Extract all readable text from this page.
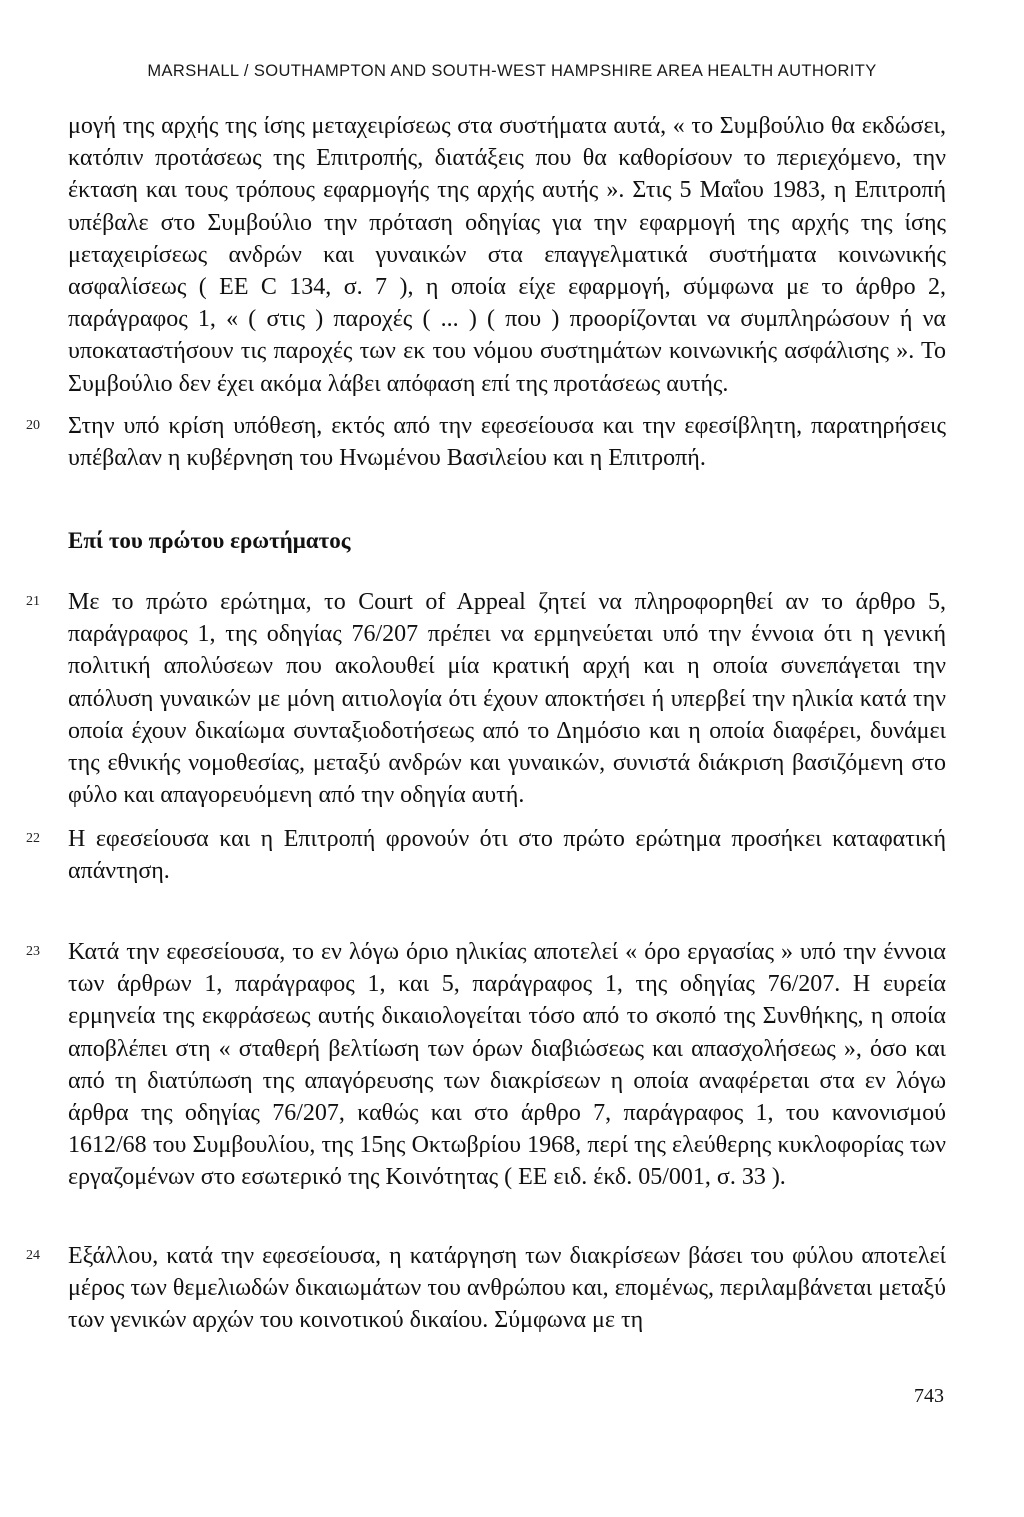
MARSHALL / SOUTHAMPTON AND SOUTH-WEST HAMPSHIRE AREA HEALTH AUTHORITY
μογή της αρχής της ίσης μεταχειρίσεως στα συστήματα αυτά, « το Συμβούλιο θα εκδώσει, κατόπιν προτάσεως της Επιτροπής, διατάξεις που θα καθορίσουν το περιεχόμενο, την έκταση και τους τρόπους εφαρμογής της αρχής αυτής ». Στις 5 Μαΐου 1983, η Επιτροπή υπέβαλε στο Συμβούλιο την πρόταση οδηγίας για την εφαρμογή της αρχής της ίσης μεταχειρίσεως ανδρών και γυναικών στα επαγγελματικά συστήματα κοινωνικής ασφαλίσεως ( ΕΕ C 134, σ. 7 ), η οποία είχε εφαρμογή, σύμφωνα με το άρθρο 2, παράγραφος 1, « ( στις ) παροχές ( ... ) ( που ) προορίζονται να συμπληρώσουν ή να υποκαταστήσουν τις παροχές των εκ του νόμου συστημάτων κοινωνικής ασφάλισης ». Το Συμβούλιο δεν έχει ακόμα λάβει απόφαση επί της προτάσεως αυτής.
20 Στην υπό κρίση υπόθεση, εκτός από την εφεσείουσα και την εφεσίβλητη, παρατηρήσεις υπέβαλαν η κυβέρνηση του Ηνωμένου Βασιλείου και η Επιτροπή.
Επί του πρώτου ερωτήματος
21 Με το πρώτο ερώτημα, το Court of Appeal ζητεί να πληροφορηθεί αν το άρθρο 5, παράγραφος 1, της οδηγίας 76/207 πρέπει να ερμηνεύεται υπό την έννοια ότι η γενική πολιτική απολύσεων που ακολουθεί μία κρατική αρχή και η οποία συνεπάγεται την απόλυση γυναικών με μόνη αιτιολογία ότι έχουν αποκτήσει ή υπερβεί την ηλικία κατά την οποία έχουν δικαίωμα συνταξιοδοτήσεως από το Δημόσιο και η οποία διαφέρει, δυνάμει της εθνικής νομοθεσίας, μεταξύ ανδρών και γυναικών, συνιστά διάκριση βασιζόμενη στο φύλο και απαγορευόμενη από την οδηγία αυτή.
22 Η εφεσείουσα και η Επιτροπή φρονούν ότι στο πρώτο ερώτημα προσήκει καταφατική απάντηση.
23 Κατά την εφεσείουσα, το εν λόγω όριο ηλικίας αποτελεί « όρο εργασίας » υπό την έννοια των άρθρων 1, παράγραφος 1, και 5, παράγραφος 1, της οδηγίας 76/207. Η ευρεία ερμηνεία της εκφράσεως αυτής δικαιολογείται τόσο από το σκοπό της Συνθήκης, η οποία αποβλέπει στη « σταθερή βελτίωση των όρων διαβιώσεως και απασχολήσεως », όσο και από τη διατύπωση της απαγόρευσης των διακρίσεων η οποία αναφέρεται στα εν λόγω άρθρα της οδηγίας 76/207, καθώς και στο άρθρο 7, παράγραφος 1, του κανονισμού 1612/68 του Συμβουλίου, της 15ης Οκτωβρίου 1968, περί της ελεύθερης κυκλοφορίας των εργαζομένων στο εσωτερικό της Κοινότητας ( ΕΕ ειδ. έκδ. 05/001, σ. 33 ).
24 Εξάλλου, κατά την εφεσείουσα, η κατάργηση των διακρίσεων βάσει του φύλου αποτελεί μέρος των θεμελιωδών δικαιωμάτων του ανθρώπου και, επομένως, περιλαμβάνεται μεταξύ των γενικών αρχών του κοινοτικού δικαίου. Σύμφωνα με τη
743
